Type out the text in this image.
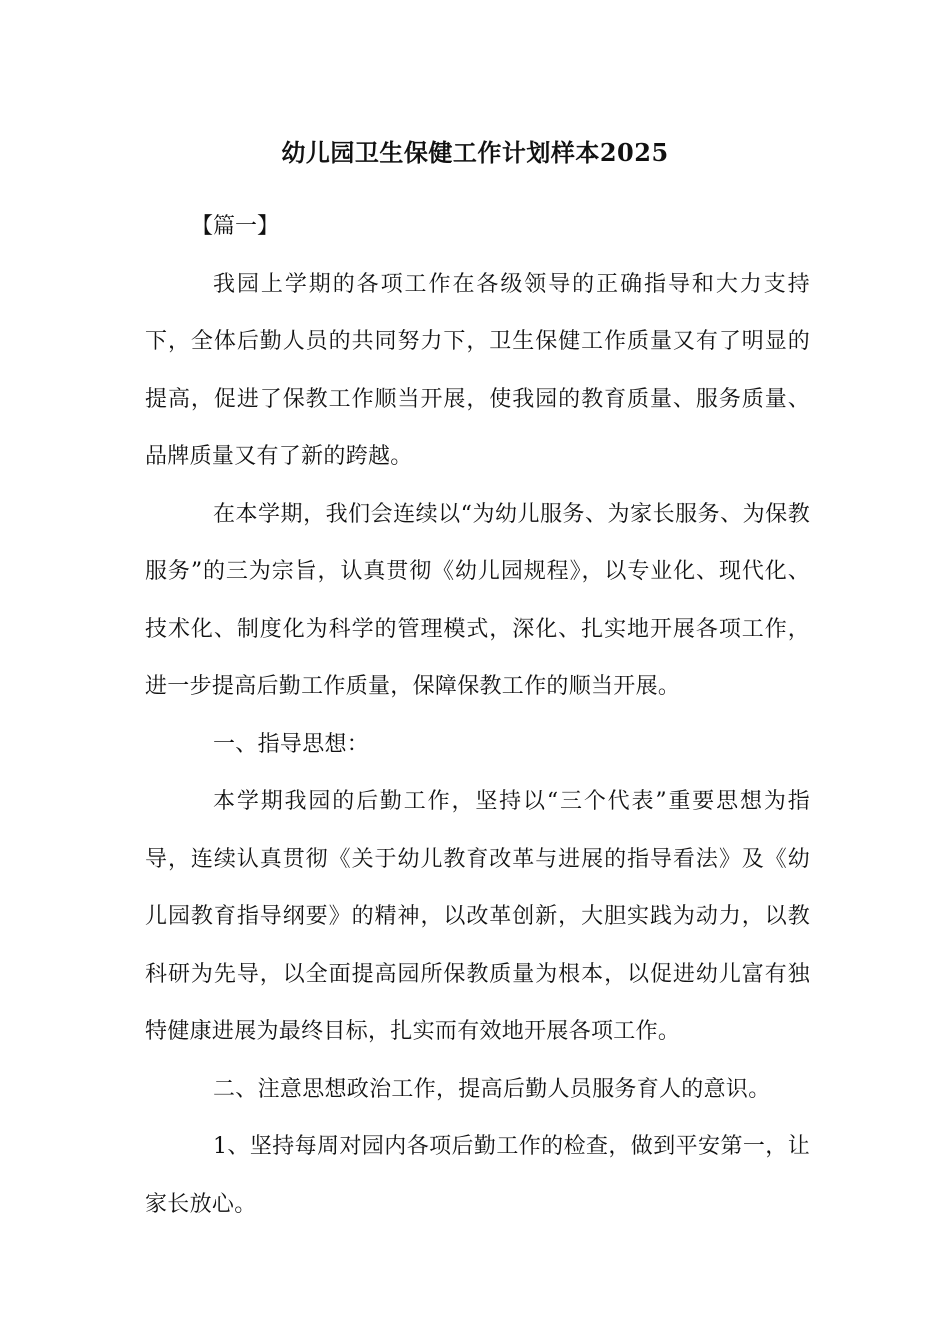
幼儿园卫生保健工作计划样本2025

【篇一】

我园上学期的各项工作在各级领导的正确指导和大力支持下，全体后勤人员的共同努力下，卫生保健工作质量又有了明显的提高，促进了保教工作顺当开展，使我园的教育质量、服务质量、品牌质量又有了新的跨越。

在本学期，我们会连续以“为幼儿服务、为家长服务、为保教服务”的三为宗旨，认真贯彻《幼儿园规程》，以专业化、现代化、技术化、制度化为科学的管理模式，深化、扎实地开展各项工作，进一步提高后勤工作质量，保障保教工作的顺当开展。

一、指导思想：

本学期我园的后勤工作，坚持以“三个代表”重要思想为指导，连续认真贯彻《关于幼儿教育改革与进展的指导看法》及《幼儿园教育指导纲要》的精神，以改革创新，大胆实践为动力，以教科研为先导，以全面提高园所保教质量为根本，以促进幼儿富有独特健康进展为最终目标，扎实而有效地开展各项工作。

二、注意思想政治工作，提高后勤人员服务育人的意识。

1、坚持每周对园内各项后勤工作的检查，做到平安第一，让家长放心。
